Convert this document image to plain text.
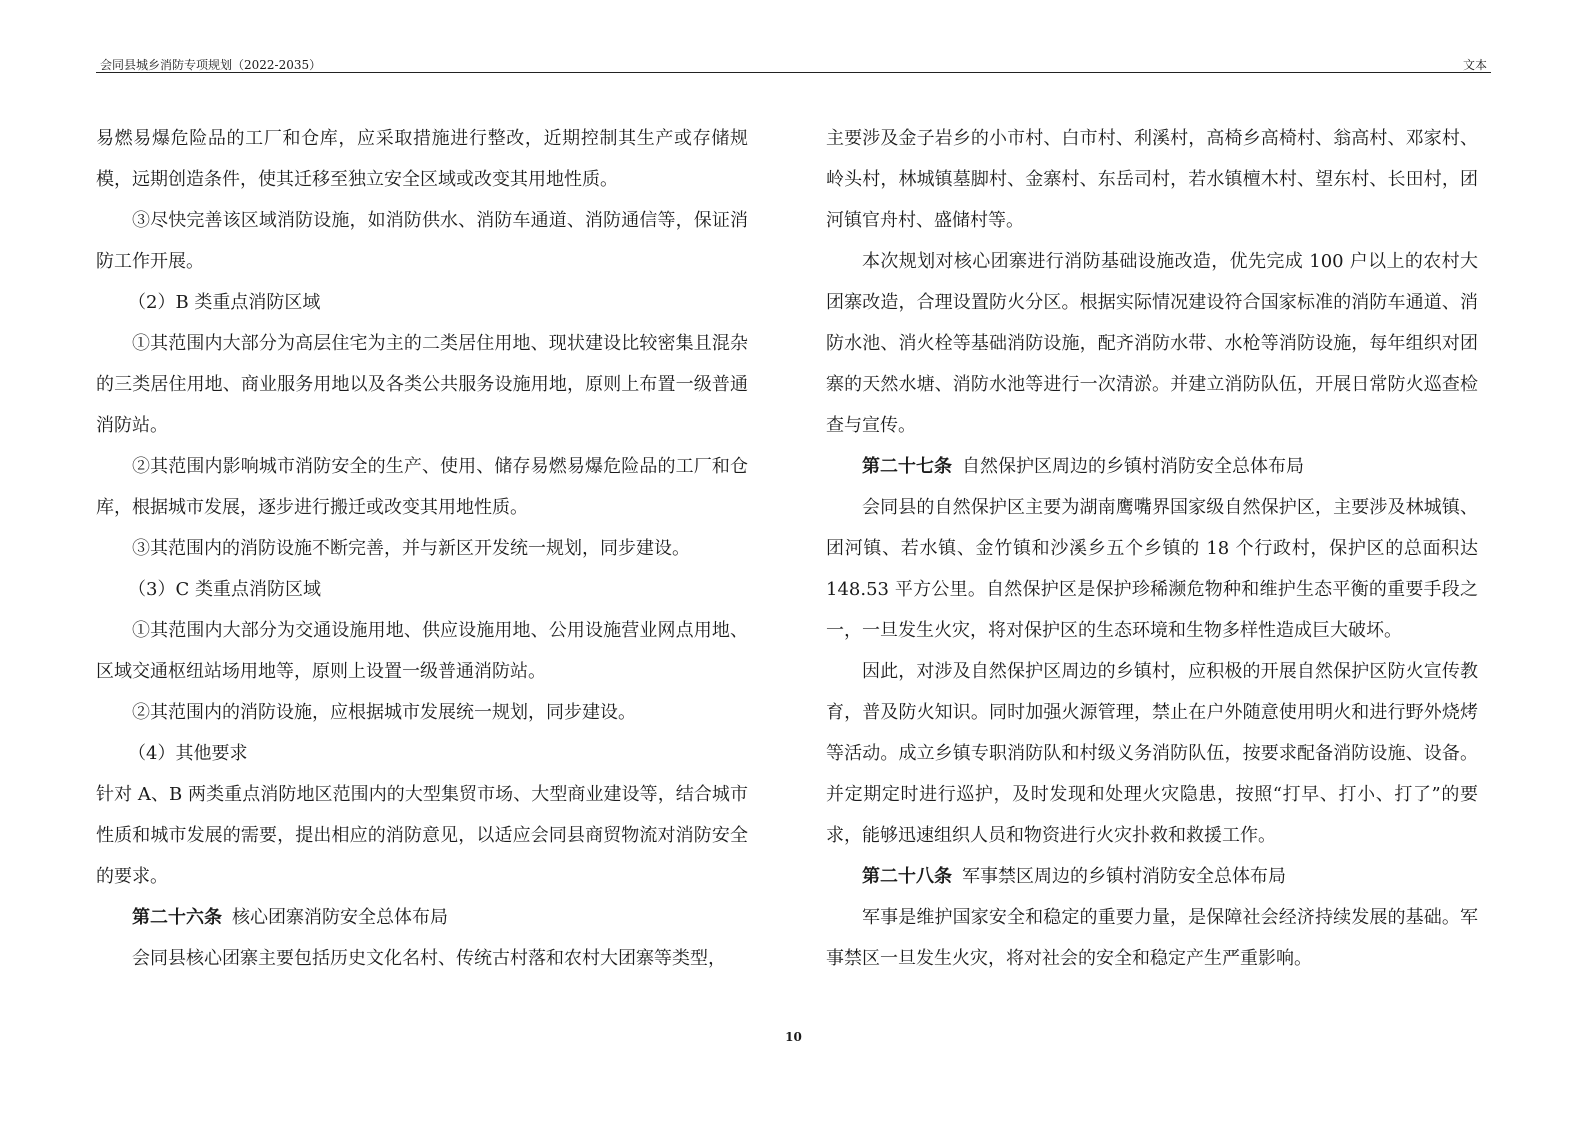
会同县城乡消防专项规划（2022-2035）	文本

易燃易爆危险品的工厂和仓库，应采取措施进行整改，近期控制其生产或存储规模，远期创造条件，使其迁移至独立安全区域或改变其用地性质。

③尽快完善该区域消防设施，如消防供水、消防车通道、消防通信等，保证消防工作开展。

（2）B 类重点消防区域

①其范围内大部分为高层住宅为主的二类居住用地、现状建设比较密集且混杂的三类居住用地、商业服务用地以及各类公共服务设施用地，原则上布置一级普通消防站。

②其范围内影响城市消防安全的生产、使用、储存易燃易爆危险品的工厂和仓库，根据城市发展，逐步进行搬迁或改变其用地性质。

③其范围内的消防设施不断完善，并与新区开发统一规划，同步建设。

（3）C 类重点消防区域

①其范围内大部分为交通设施用地、供应设施用地、公用设施营业网点用地、区域交通枢纽站场用地等，原则上设置一级普通消防站。

②其范围内的消防设施，应根据城市发展统一规划，同步建设。

（4）其他要求

针对 A、B 两类重点消防地区范围内的大型集贸市场、大型商业建设等，结合城市性质和城市发展的需要，提出相应的消防意见，以适应会同县商贸物流对消防安全的要求。

第二十六条 核心团寨消防安全总体布局

会同县核心团寨主要包括历史文化名村、传统古村落和农村大团寨等类型，

主要涉及金子岩乡的小市村、白市村、利溪村，高椅乡高椅村、翁高村、邓家村、岭头村，林城镇墓脚村、金寨村、东岳司村，若水镇檀木村、望东村、长田村，团河镇官舟村、盛储村等。

本次规划对核心团寨进行消防基础设施改造，优先完成 100 户以上的农村大团寨改造，合理设置防火分区。根据实际情况建设符合国家标准的消防车通道、消防水池、消火栓等基础消防设施，配齐消防水带、水枪等消防设施，每年组织对团寨的天然水塘、消防水池等进行一次清淤。并建立消防队伍，开展日常防火巡查检查与宣传。

第二十七条 自然保护区周边的乡镇村消防安全总体布局

会同县的自然保护区主要为湖南鹰嘴界国家级自然保护区，主要涉及林城镇、团河镇、若水镇、金竹镇和沙溪乡五个乡镇的 18 个行政村，保护区的总面积达 148.53 平方公里。自然保护区是保护珍稀濒危物种和维护生态平衡的重要手段之一，一旦发生火灾，将对保护区的生态环境和生物多样性造成巨大破坏。

因此，对涉及自然保护区周边的乡镇村，应积极的开展自然保护区防火宣传教育，普及防火知识。同时加强火源管理，禁止在户外随意使用明火和进行野外烧烤等活动。成立乡镇专职消防队和村级义务消防队伍，按要求配备消防设施、设备。并定期定时进行巡护，及时发现和处理火灾隐患，按照“打早、打小、打了”的要求，能够迅速组织人员和物资进行火灾扑救和救援工作。

第二十八条 军事禁区周边的乡镇村消防安全总体布局

军事是维护国家安全和稳定的重要力量，是保障社会经济持续发展的基础。军事禁区一旦发生火灾，将对社会的安全和稳定产生严重影响。

10
